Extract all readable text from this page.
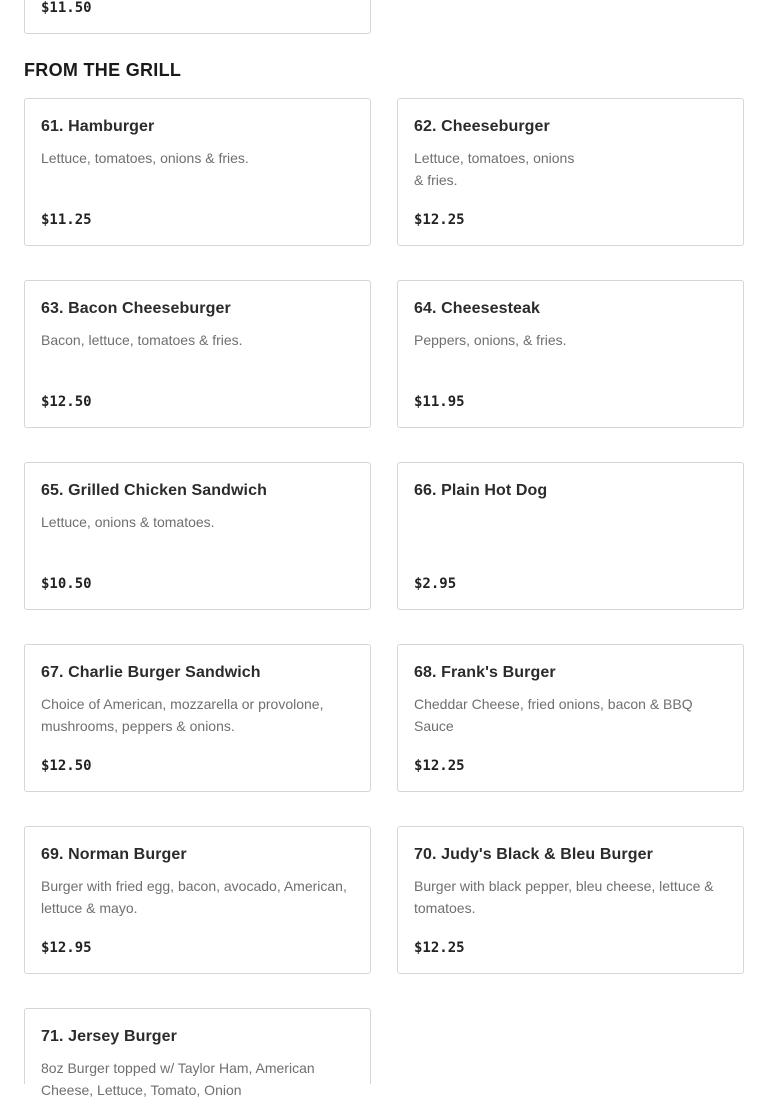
$11.50
FROM THE GRILL
61. Hamburger
Lettuce, tomatoes, onions & fries.
$11.25
62. Cheeseburger
Lettuce, tomatoes, onions
& fries.
$12.25
63. Bacon Cheeseburger
Bacon, lettuce, tomatoes & fries.
$12.50
64. Cheesesteak
Peppers, onions, & fries.
$11.95
65. Grilled Chicken Sandwich
Lettuce, onions & tomatoes.
$10.50
66. Plain Hot Dog
$2.95
67. Charlie Burger Sandwich
Choice of American, mozzarella or provolone, mushrooms, peppers & onions.
$12.50
68. Frank's Burger
Cheddar Cheese, fried onions, bacon & BBQ Sauce
$12.25
69. Norman Burger
Burger with fried egg, bacon, avocado, American, lettuce & mayo.
$12.95
70. Judy's Black & Bleu Burger
Burger with black pepper, bleu cheese, lettuce & tomatoes.
$12.25
71. Jersey Burger
8oz Burger topped w/ Taylor Ham, American Cheese, Lettuce, Tomato, Onion
